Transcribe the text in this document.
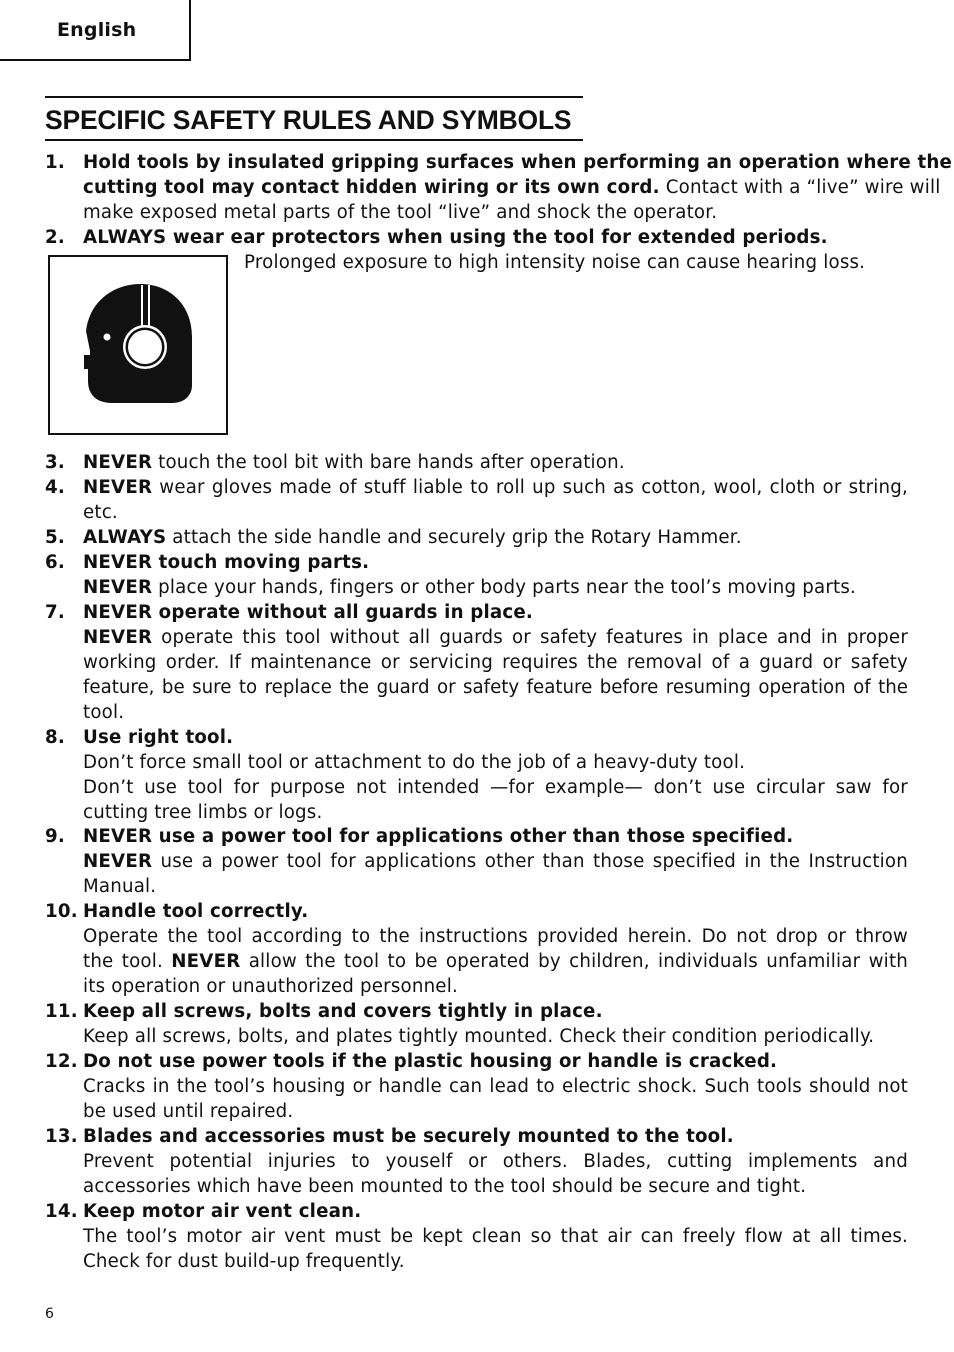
English
SPECIFIC SAFETY RULES AND SYMBOLS
1. Hold tools by insulated gripping surfaces when performing an operation where the
cutting tool may contact hidden wiring or its own cord. Contact with a “live” wire will
make exposed metal parts of the tool “live” and shock the operator.
2. ALWAYS wear ear protectors when using the tool for extended periods.
Prolonged exposure to high intensity noise can cause hearing loss.
3. NEVER touch the tool bit with bare hands after operation.
4. NEVER wear gloves made of stuff liable to roll up such as cotton, wool, cloth or string,
etc.
5. ALWAYS attach the side handle and securely grip the Rotary Hammer.
6. NEVER touch moving parts.
NEVER place your hands, fingers or other body parts near the tool’s moving parts.
7. NEVER operate without all guards in place.
NEVER operate this tool without all guards or safety features in place and in proper
working order. If maintenance or servicing requires the removal of a guard or safety
feature, be sure to replace the guard or safety feature before resuming operation of the
tool.
8. Use right tool.
Don’t force small tool or attachment to do the job of a heavy-duty tool.
Don’t use tool for purpose not intended —for example— don’t use circular saw for
cutting tree limbs or logs.
9. NEVER use a power tool for applications other than those specified.
NEVER use a power tool for applications other than those specified in the Instruction
Manual.
10. Handle tool correctly.
Operate the tool according to the instructions provided herein. Do not drop or throw
the tool. NEVER allow the tool to be operated by children, individuals unfamiliar with
its operation or unauthorized personnel.
11. Keep all screws, bolts and covers tightly in place.
Keep all screws, bolts, and plates tightly mounted. Check their condition periodically.
12. Do not use power tools if the plastic housing or handle is cracked.
Cracks in the tool’s housing or handle can lead to electric shock. Such tools should not
be used until repaired.
13. Blades and accessories must be securely mounted to the tool.
Prevent potential injuries to youself or others. Blades, cutting implements and
accessories which have been mounted to the tool should be secure and tight.
14. Keep motor air vent clean.
The tool’s motor air vent must be kept clean so that air can freely flow at all times.
Check for dust build-up frequently.
6
